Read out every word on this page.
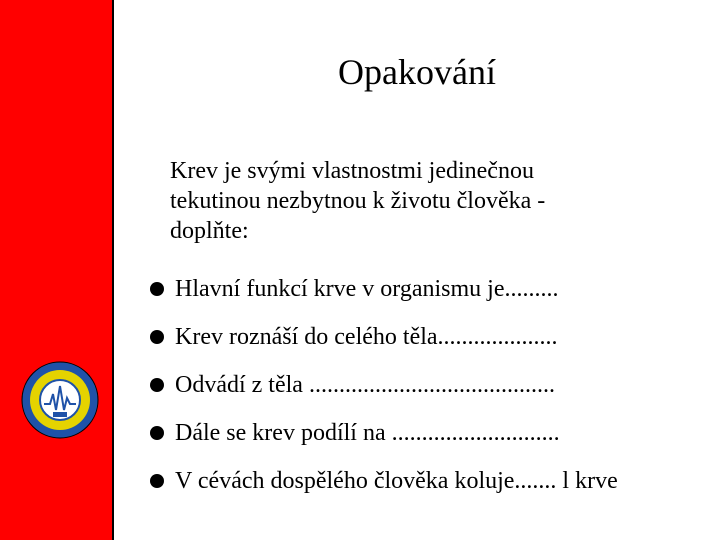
Opakování
Krev je svými vlastnostmi jedinečnou
tekutinou nezbytnou k životu člověka -
doplňte:
Hlavní funkcí krve v organismu je.........
Krev roznáší do celého těla....................
Odvádí z těla .........................................
Dále se krev podílí na ............................
V cévách dospělého člověka koluje....... l krve
